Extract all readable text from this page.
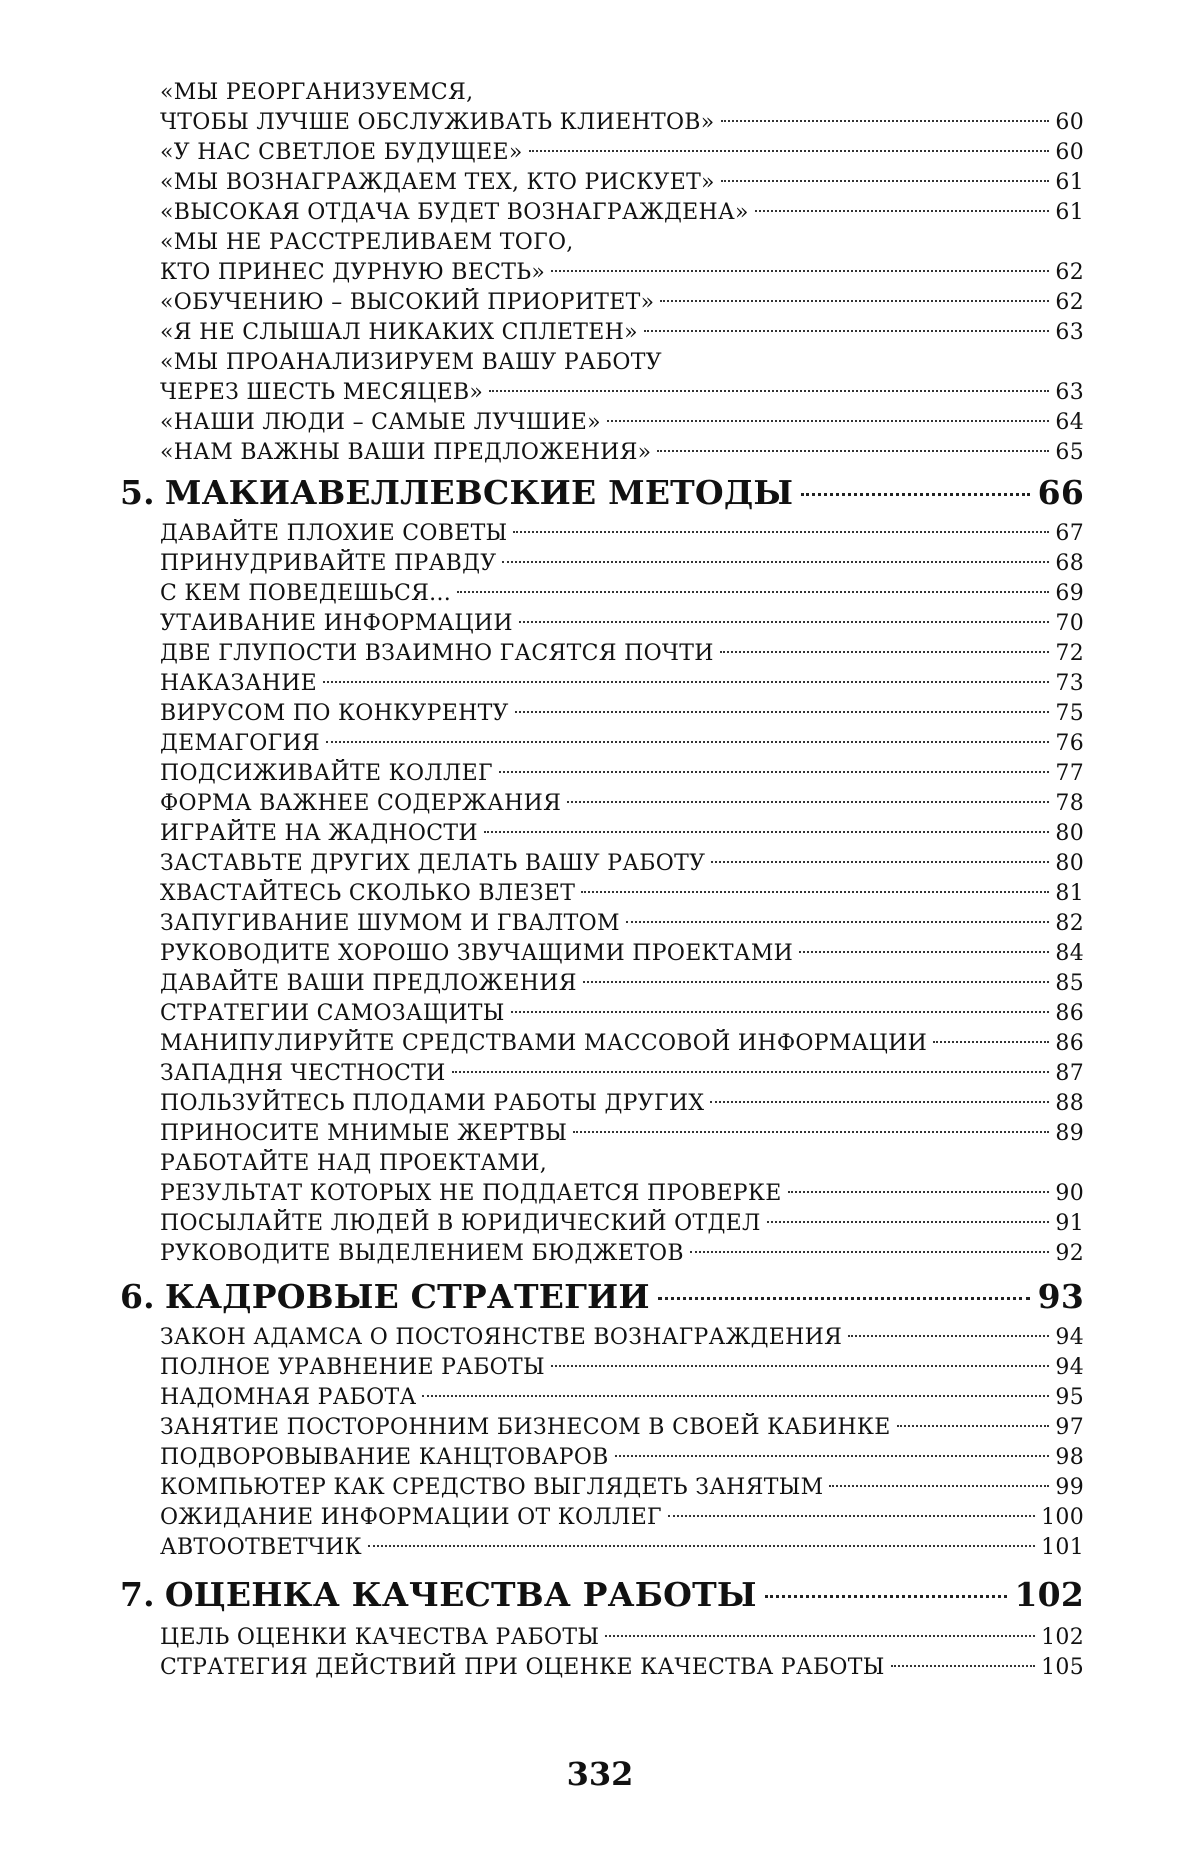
«МЫ РЕОРГАНИЗУЕМСЯ,
ЧТОБЫ ЛУЧШЕ ОБСЛУЖИВАТЬ КЛИЕНТОВ»	60
«У НАС СВЕТЛОЕ БУДУЩЕЕ»	60
«МЫ ВОЗНАГРАЖДАЕМ ТЕХ, КТО РИСКУЕТ»	61
«ВЫСОКАЯ ОТДАЧА БУДЕТ ВОЗНАГРАЖДЕНА»	61
«МЫ НЕ РАССТРЕЛИВАЕМ ТОГО,
КТО ПРИНЕС ДУРНУЮ ВЕСТЬ»	62
«ОБУЧЕНИЮ – ВЫСОКИЙ ПРИОРИТЕТ»	62
«Я НЕ СЛЫШАЛ НИКАКИХ СПЛЕТЕН»	63
«МЫ ПРОАНАЛИЗИРУЕМ ВАШУ РАБОТУ
ЧЕРЕЗ ШЕСТЬ МЕСЯЦЕВ»	63
«НАШИ ЛЮДИ – САМЫЕ ЛУЧШИЕ»	64
«НАМ ВАЖНЫ ВАШИ ПРЕДЛОЖЕНИЯ»	65
5. МАКИАВЕЛЛЕВСКИЕ МЕТОДЫ	66
ДАВАЙТЕ ПЛОХИЕ СОВЕТЫ	67
ПРИНУДРИВАЙТЕ ПРАВДУ	68
С КЕМ ПОВЕДЕШЬСЯ...	69
УТАИВАНИЕ ИНФОРМАЦИИ	70
ДВЕ ГЛУПОСТИ ВЗАИМНО ГАСЯТСЯ ПОЧТИ	72
НАКАЗАНИЕ	73
ВИРУСОМ ПО КОНКУРЕНТУ	75
ДЕМАГОГИЯ	76
ПОДСИЖИВАЙТЕ КОЛЛЕГ	77
ФОРМА ВАЖНЕЕ СОДЕРЖАНИЯ	78
ИГРАЙТЕ НА ЖАДНОСТИ	80
ЗАСТАВЬТЕ ДРУГИХ ДЕЛАТЬ ВАШУ РАБОТУ	80
ХВАСТАЙТЕСЬ СКОЛЬКО ВЛЕЗЕТ	81
ЗАПУГИВАНИЕ ШУМОМ И ГВАЛТОМ	82
РУКОВОДИТЕ ХОРОШО ЗВУЧАЩИМИ ПРОЕКТАМИ	84
ДАВАЙТЕ ВАШИ ПРЕДЛОЖЕНИЯ	85
СТРАТЕГИИ САМОЗАЩИТЫ	86
МАНИПУЛИРУЙТЕ СРЕДСТВАМИ МАССОВОЙ ИНФОРМАЦИИ	86
ЗАПАДНЯ ЧЕСТНОСТИ	87
ПОЛЬЗУЙТЕСЬ ПЛОДАМИ РАБОТЫ ДРУГИХ	88
ПРИНОСИТЕ МНИМЫЕ ЖЕРТВЫ	89
РАБОТАЙТЕ НАД ПРОЕКТАМИ,
РЕЗУЛЬТАТ КОТОРЫХ НЕ ПОДДАЕТСЯ ПРОВЕРКЕ	90
ПОСЫЛАЙТЕ ЛЮДЕЙ В ЮРИДИЧЕСКИЙ ОТДЕЛ	91
РУКОВОДИТЕ ВЫДЕЛЕНИЕМ БЮДЖЕТОВ	92
6. КАДРОВЫЕ СТРАТЕГИИ	93
ЗАКОН АДАМСА О ПОСТОЯНСТВЕ ВОЗНАГРАЖДЕНИЯ	94
ПОЛНОЕ УРАВНЕНИЕ РАБОТЫ	94
НАДОМНАЯ РАБОТА	95
ЗАНЯТИЕ ПОСТОРОННИМ БИЗНЕСОМ В СВОЕЙ КАБИНКЕ	97
ПОДВОРОВЫВАНИЕ КАНЦТОВАРОВ	98
КОМПЬЮТЕР КАК СРЕДСТВО ВЫГЛЯДЕТЬ ЗАНЯТЫМ	99
ОЖИДАНИЕ ИНФОРМАЦИИ ОТ КОЛЛЕГ	100
АВТООТВЕТЧИК	101
7. ОЦЕНКА КАЧЕСТВА РАБОТЫ	102
ЦЕЛЬ ОЦЕНКИ КАЧЕСТВА РАБОТЫ	102
СТРАТЕГИЯ ДЕЙСТВИЙ ПРИ ОЦЕНКЕ КАЧЕСТВА РАБОТЫ	105
332
